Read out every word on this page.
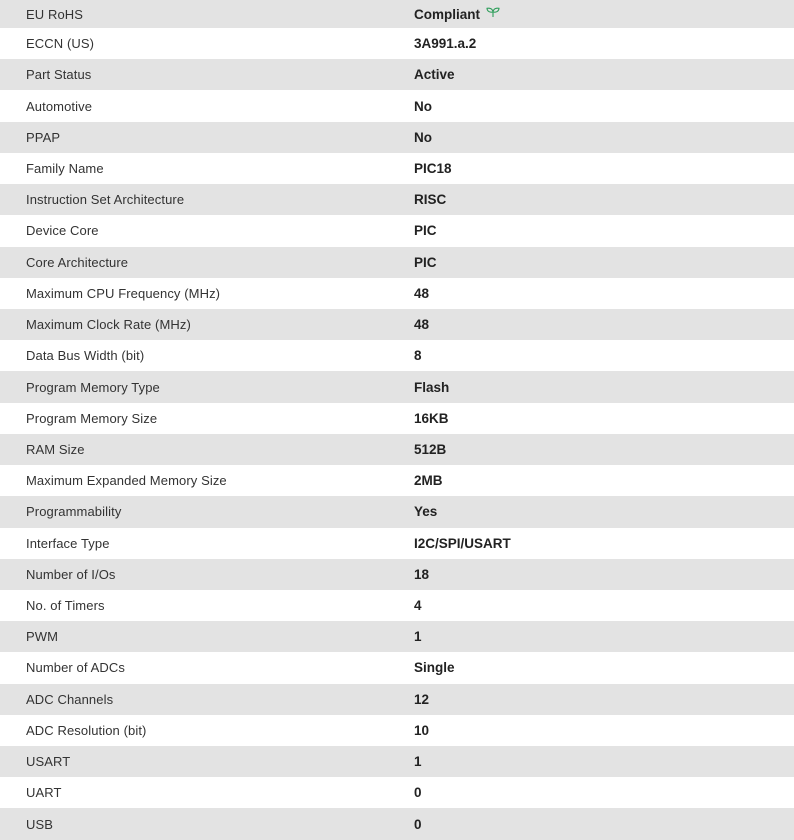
EU RoHS	Compliant
ECCN (US)	3A991.a.2
Part Status	Active
Automotive	No
PPAP	No
Family Name	PIC18
Instruction Set Architecture	RISC
Device Core	PIC
Core Architecture	PIC
Maximum CPU Frequency (MHz)	48
Maximum Clock Rate (MHz)	48
Data Bus Width (bit)	8
Program Memory Type	Flash
Program Memory Size	16KB
RAM Size	512B
Maximum Expanded Memory Size	2MB
Programmability	Yes
Interface Type	I2C/SPI/USART
Number of I/Os	18
No. of Timers	4
PWM	1
Number of ADCs	Single
ADC Channels	12
ADC Resolution (bit)	10
USART	1
UART	0
USB	0
